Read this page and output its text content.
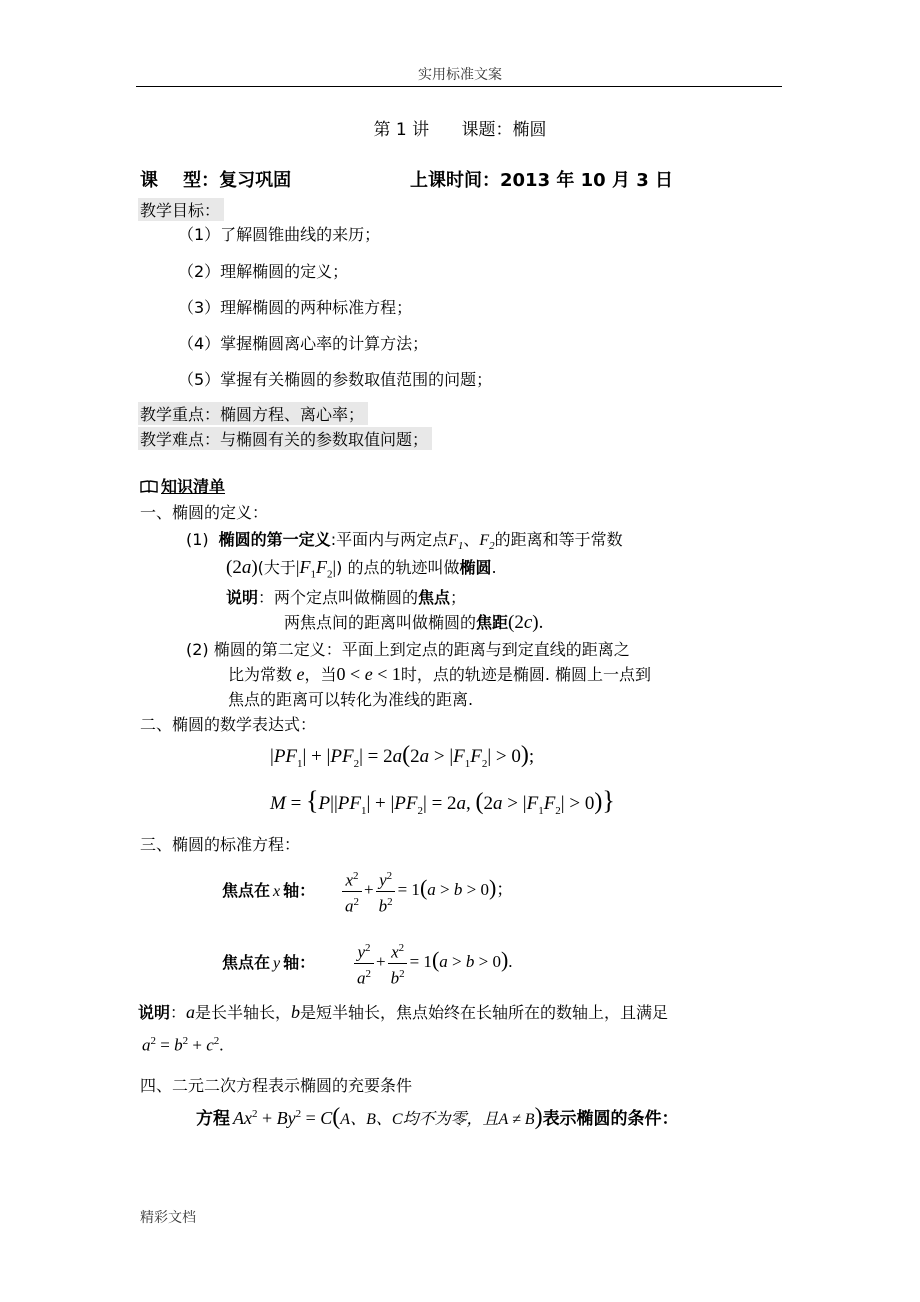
实用标准文案
第 1 讲      课题：椭圆
课    型：复习巩固	上课时间：2013 年 10 月 3 日
教学目标：
（1）了解圆锥曲线的来历；
（2）理解椭圆的定义；
（3）理解椭圆的两种标准方程；
（4）掌握椭圆离心率的计算方法；
（5）掌握有关椭圆的参数取值范围的问题；
教学重点：椭圆方程、离心率；
教学难点：与椭圆有关的参数取值问题；
知识清单
一、椭圆的定义：
(1) 椭圆的第一定义:平面内与两定点$F_1$、$F_2$的距离和等于常数
(2a)(大于$|F_1F_2|$) 的点的轨迹叫做椭圆.
说明：两个定点叫做椭圆的焦点；
两焦点间的距离叫做椭圆的焦距(2c).
(2) 椭圆的第二定义：平面上到定点的距离与到定直线的距离之
比为常数 e，当0 < e < 1时，点的轨迹是椭圆. 椭圆上一点到
焦点的距离可以转化为准线的距离.
二、椭圆的数学表达式：
$|PF_1| + |PF_2| = 2a(2a > |F_1F_2| > 0)$;
$M = \{P||PF_1| + |PF_2| = 2a$, $(2a > |F_1F_2| > 0)$}
三、椭圆的标准方程：
焦点在 x 轴： $\frac{x^2}{a^2} + \frac{y^2}{b^2} = 1(a > b > 0)$；
焦点在 y 轴： $\frac{y^2}{a^2} + \frac{x^2}{b^2} = 1(a > b > 0)$.
说明：a是长半轴长，b是短半轴长，焦点始终在长轴所在的数轴上，且满足
$a^2 = b^2 + c^2$.
四、二元二次方程表示椭圆的充要条件
方程 $Ax^2 + By^2 = C(A$、B、C均不为零，且A ≠ B)表示椭圆的条件：
精彩文档
